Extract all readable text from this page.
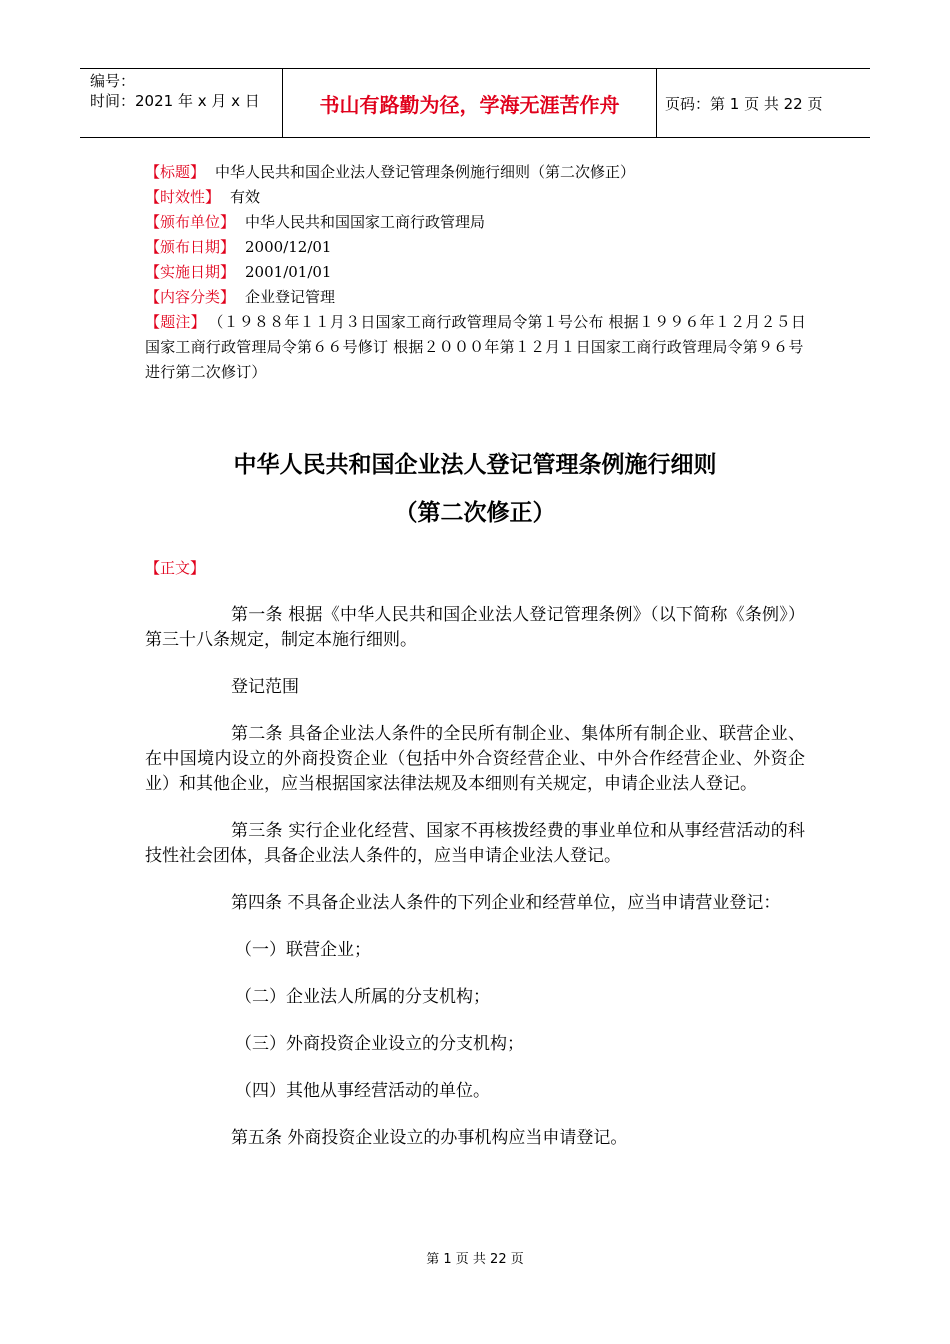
编号：
时间：2021 年 x 月 x 日	书山有路勤为径，学海无涯苦作舟	页码：第 1 页 共 22 页
【标题】 中华人民共和国企业法人登记管理条例施行细则（第二次修正）
【时效性】 有效
【颁布单位】 中华人民共和国国家工商行政管理局
【颁布日期】 2000/12/01
【实施日期】 2001/01/01
【内容分类】 企业登记管理
【题注】 （１９８８年１１月３日国家工商行政管理局令第１号公布 根据１９９６年１２月２５日国家工商行政管理局令第６６号修订 根据２０００年第１２月１日国家工商行政管理局令第９６号进行第二次修订）
中华人民共和国企业法人登记管理条例施行细则
（第二次修正）
【正文】

第一条 根据《中华人民共和国企业法人登记管理条例》（以下简称《条例》）第三十八条规定，制定本施行细则。

登记范围

第二条 具备企业法人条件的全民所有制企业、集体所有制企业、联营企业、在中国境内设立的外商投资企业（包括中外合资经营企业、中外合作经营企业、外资企业）和其他企业，应当根据国家法律法规及本细则有关规定，申请企业法人登记。

第三条 实行企业化经营、国家不再核拨经费的事业单位和从事经营活动的科技性社会团体，具备企业法人条件的，应当申请企业法人登记。

第四条 不具备企业法人条件的下列企业和经营单位，应当申请营业登记：

（一）联营企业；

（二）企业法人所属的分支机构；

（三）外商投资企业设立的分支机构；

（四）其他从事经营活动的单位。

第五条 外商投资企业设立的办事机构应当申请登记。

第 1 页 共 22 页
